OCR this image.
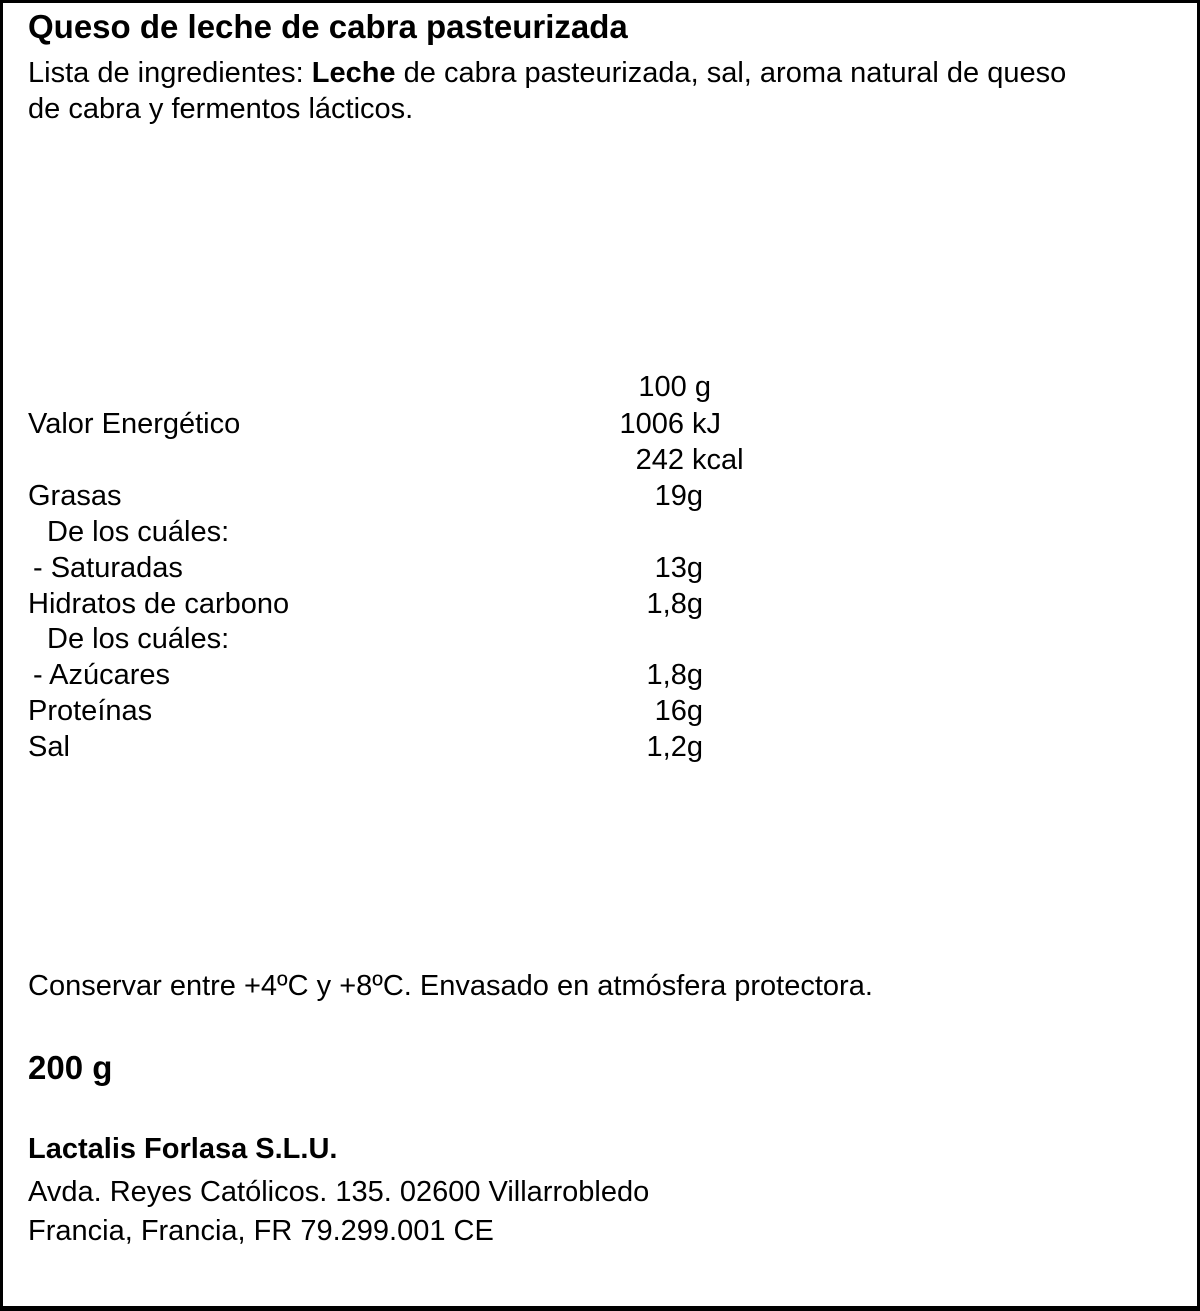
Queso de leche de cabra pasteurizada
Lista de ingredientes: Leche de cabra pasteurizada, sal, aroma natural de queso
de cabra y fermentos lácticos.
100 g
Valor Energético	1006 kJ
242 kcal
Grasas	19g
De los cuáles:
- Saturadas	13g
Hidratos de carbono	1,8g
De los cuáles:
- Azúcares	1,8g
Proteínas	16g
Sal	1,2g
Conservar entre +4ºC y +8ºC. Envasado en atmósfera protectora.
200 g
Lactalis Forlasa S.L.U.
Avda. Reyes Católicos. 135. 02600 Villarrobledo
Francia, Francia, FR 79.299.001 CE
